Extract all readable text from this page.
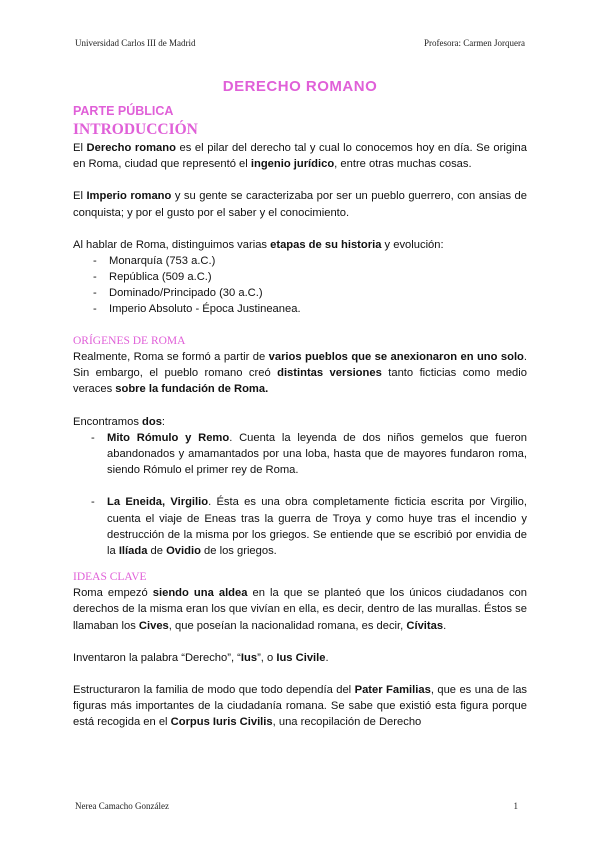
Universidad Carlos III de Madrid	Profesora: Carmen Jorquera
DERECHO ROMANO
PARTE PÚBLICA
INTRODUCCIÓN

El Derecho romano es el pilar del derecho tal y cual lo conocemos hoy en día. Se origina en Roma, ciudad que representó el ingenio jurídico, entre otras muchas cosas.

El Imperio romano y su gente se caracterizaba por ser un pueblo guerrero, con ansias de conquista; y por el gusto por el saber y el conocimiento.

Al hablar de Roma, distinguimos varias etapas de su historia y evolución:

- Monarquía (753 a.C.)
- República (509 a.C.)
- Dominado/Principado (30 a.C.)
- Imperio Absoluto - Época Justineanea.
ORÍGENES DE ROMA

Realmente, Roma se formó a partir de varios pueblos que se anexionaron en uno solo. Sin embargo, el pueblo romano creó distintas versiones tanto ficticias como medio veraces sobre la fundación de Roma.

Encontramos dos:

- Mito Rómulo y Remo. Cuenta la leyenda de dos niños gemelos que fueron abandonados y amamantados por una loba, hasta que de mayores fundaron roma, siendo Rómulo el primer rey de Roma.
- La Eneida, Virgilio. Ésta es una obra completamente ficticia escrita por Virgilio, cuenta el viaje de Eneas tras la guerra de Troya y como huye tras el incendio y destrucción de la misma por los griegos. Se entiende que se escribió por envidia de la Ilíada de Ovidio de los griegos.
IDEAS CLAVE

Roma empezó siendo una aldea en la que se planteó que los únicos ciudadanos con derechos de la misma eran los que vivían en ella, es decir, dentro de las murallas. Éstos se llamaban los Cives, que poseían la nacionalidad romana, es decir, Cívitas.

Inventaron la palabra “Derecho”, “Ius”, o Ius Civile.

Estructuraron la familia de modo que todo dependía del Pater Familias, que es una de las figuras más importantes de la ciudadanía romana. Se sabe que existió esta figura porque está recogida en el Corpus Iuris Civilis, una recopilación de Derecho

Nerea Camacho González	1
